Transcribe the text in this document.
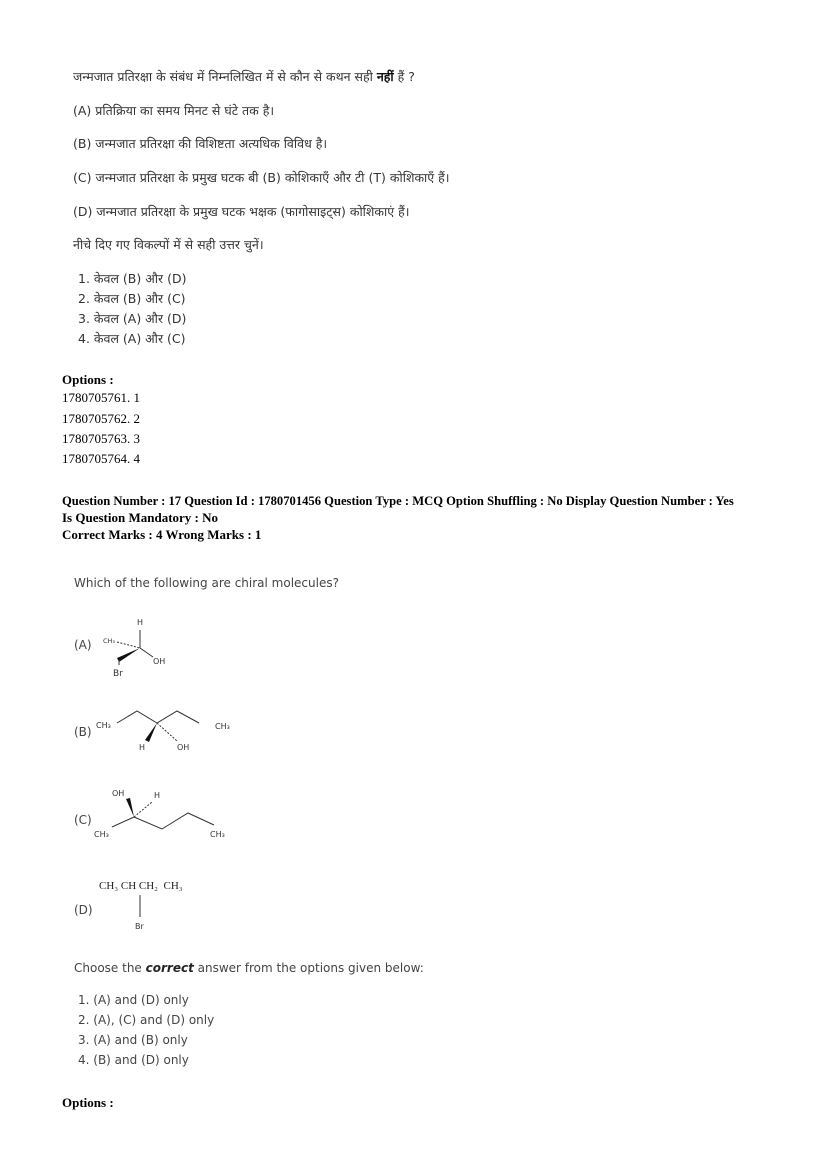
जन्मजात प्रतिरक्षा के संबंध में निम्नलिखित में से कौन से कथन सही नहीं हैं ?
(A) प्रतिक्रिया का समय मिनट से घंटे तक है।
(B) जन्मजात प्रतिरक्षा की विशिष्टता अत्यधिक विविध है।
(C) जन्मजात प्रतिरक्षा के प्रमुख घटक बी (B) कोशिकाएँ और टी (T) कोशिकाएँ हैं।
(D) जन्मजात प्रतिरक्षा के प्रमुख घटक भक्षक (फागोसाइट्स) कोशिकाएं हैं।
नीचे दिए गए विकल्पों में से सही उत्तर चुनें।
1. केवल (B) और (D)
2. केवल (B) और (C)
3. केवल (A) और (D)
4. केवल (A) और (C)
Options :
1780705761. 1
1780705762. 2
1780705763. 3
1780705764. 4
Question Number : 17 Question Id : 1780701456 Question Type : MCQ Option Shuffling : No Display Question Number : Yes
Is Question Mandatory : No
Correct Marks : 4 Wrong Marks : 1
Which of the following are chiral molecules?
(A)
H
CH₃
OH
Br
(B) CH₃	CH₃
H	OH
(C)
OH	H
CH₃	CH₃
(D)
CH₃ CH CH₂  CH₃
Br
Choose the correct answer from the options given below:
1. (A) and (D) only
2. (A), (C) and (D) only
3. (A) and (B) only
4. (B) and (D) only
Options :
